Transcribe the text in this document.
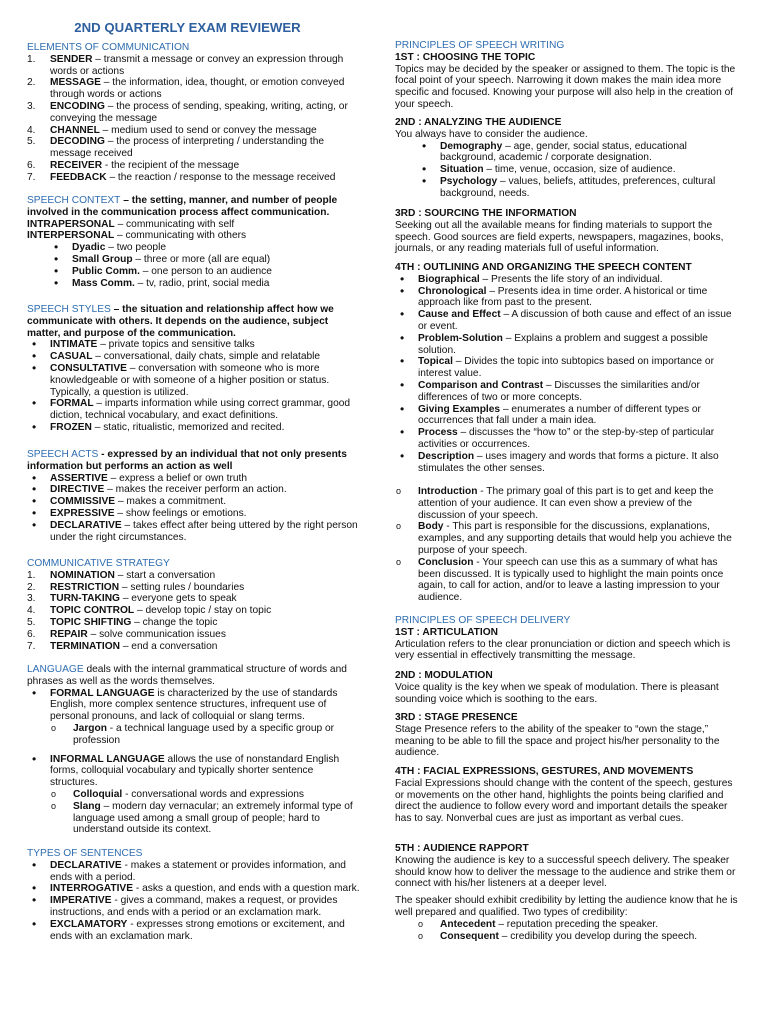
2ND QUARTERLY EXAM REVIEWER
ELEMENTS OF COMMUNICATION
1. SENDER – transmit a message or convey an expression through words or actions
2. MESSAGE – the information, idea, thought, or emotion conveyed through words or actions
3. ENCODING – the process of sending, speaking, writing, acting, or conveying the message
4. CHANNEL – medium used to send or convey the message
5. DECODING – the process of interpreting / understanding the message received
6. RECEIVER - the recipient of the message
7. FEEDBACK – the reaction / response to the message received

SPEECH CONTEXT – the setting, manner, and number of people involved in the communication process affect communication.

INTRAPERSONAL – communicating with self

INTERPERSONAL – communicating with others

• Dyadic – two people
• Small Group – three or more (all are equal)
• Public Comm. – one person to an audience
• Mass Comm. – tv, radio, print, social media

SPEECH STYLES – the situation and relationship affect how we communicate with others. It depends on the audience, subject matter, and purpose of the communication.

• INTIMATE – private topics and sensitive talks
• CASUAL – conversational, daily chats, simple and relatable
• CONSULTATIVE – conversation with someone who is more knowledgeable or with someone of a higher position or status. Typically, a question is utilized.
• FORMAL – imparts information while using correct grammar, good diction, technical vocabulary, and exact definitions.
• FROZEN – static, ritualistic, memorized and recited.

SPEECH ACTS - expressed by an individual that not only presents information but performs an action as well

• ASSERTIVE – express a belief or own truth
• DIRECTIVE – makes the receiver perform an action.
• COMMISSIVE – makes a commitment.
• EXPRESSIVE – show feelings or emotions.
• DECLARATIVE – takes effect after being uttered by the right person under the right circumstances.
COMMUNICATIVE STRATEGY
1. NOMINATION – start a conversation
2. RESTRICTION – setting rules / boundaries
3. TURN-TAKING – everyone gets to speak
4. TOPIC CONTROL – develop topic / stay on topic
5. TOPIC SHIFTING – change the topic
6. REPAIR – solve communication issues
7. TERMINATION – end a conversation

LANGUAGE deals with the internal grammatical structure of words and phrases as well as the words themselves.

• FORMAL LANGUAGE is characterized by the use of standards English, more complex sentence structures, infrequent use of personal pronouns, and lack of colloquial or slang terms.
o Jargon - a technical language used by a specific group or profession
• INFORMAL LANGUAGE allows the use of nonstandard English forms, colloquial vocabulary and typically shorter sentence structures.
o Colloquial - conversational words and expressions
o Slang – modern day vernacular; an extremely informal type of language used among a small group of people; hard to understand outside its context.
TYPES OF SENTENCES
• DECLARATIVE - makes a statement or provides information, and ends with a period.
• INTERROGATIVE - asks a question, and ends with a question mark.
• IMPERATIVE - gives a command, makes a request, or provides instructions, and ends with a period or an exclamation mark.
• EXCLAMATORY - expresses strong emotions or excitement, and ends with an exclamation mark.
PRINCIPLES OF SPEECH WRITING
1ST : CHOOSING THE TOPIC

Topics may be decided by the speaker or assigned to them. The topic is the focal point of your speech. Narrowing it down makes the main idea more specific and focused. Knowing your purpose will also help in the creation of your speech.

2ND : ANALYZING THE AUDIENCE

You always have to consider the audience.

• Demography – age, gender, social status, educational background, academic / corporate designation.
• Situation – time, venue, occasion, size of audience.
• Psychology – values, beliefs, attitudes, preferences, cultural background, needs.
3RD : SOURCING THE INFORMATION

Seeking out all the available means for finding materials to support the speech. Good sources are field experts, newspapers, magazines, books, journals, or any reading materials full of useful information.

4TH : OUTLINING AND ORGANIZING THE SPEECH CONTENT
• Biographical – Presents the life story of an individual.
• Chronological – Presents idea in time order. A historical or time approach like from past to the present.
• Cause and Effect – A discussion of both cause and effect of an issue or event.
• Problem-Solution – Explains a problem and suggest a possible solution.
• Topical – Divides the topic into subtopics based on importance or interest value.
• Comparison and Contrast – Discusses the similarities and/or differences of two or more concepts.
• Giving Examples – enumerates a number of different types or occurrences that fall under a main idea.
• Process – discusses the “how to” or the step-by-step of particular activities or occurrences.
• Description – uses imagery and words that forms a picture. It also stimulates the other senses.
o Introduction - The primary goal of this part is to get and keep the attention of your audience. It can even show a preview of the discussion of your speech.
o Body - This part is responsible for the discussions, explanations, examples, and any supporting details that would help you achieve the purpose of your speech.
o Conclusion - Your speech can use this as a summary of what has been discussed. It is typically used to highlight the main points once again, to call for action, and/or to leave a lasting impression to your audience.
PRINCIPLES OF SPEECH DELIVERY
1ST : ARTICULATION

Articulation refers to the clear pronunciation or diction and speech which is very essential in effectively transmitting the message.

2ND : MODULATION

Voice quality is the key when we speak of modulation. There is pleasant sounding voice which is soothing to the ears.

3RD : STAGE PRESENCE

Stage Presence refers to the ability of the speaker to “own the stage,” meaning to be able to fill the space and project his/her personality to the audience.

4TH : FACIAL EXPRESSIONS, GESTURES, AND MOVEMENTS

Facial Expressions should change with the content of the speech, gestures or movements on the other hand, highlights the points being clarified and direct the audience to follow every word and important details the speaker has to say. Nonverbal cues are just as important as verbal cues.

5TH : AUDIENCE RAPPORT

Knowing the audience is key to a successful speech delivery. The speaker should know how to deliver the message to the audience and strike them or connect with his/her listeners at a deeper level.

The speaker should exhibit credibility by letting the audience know that he is well prepared and qualified. Two types of credibility:

o Antecedent – reputation preceding the speaker.
o Consequent – credibility you develop during the speech.
